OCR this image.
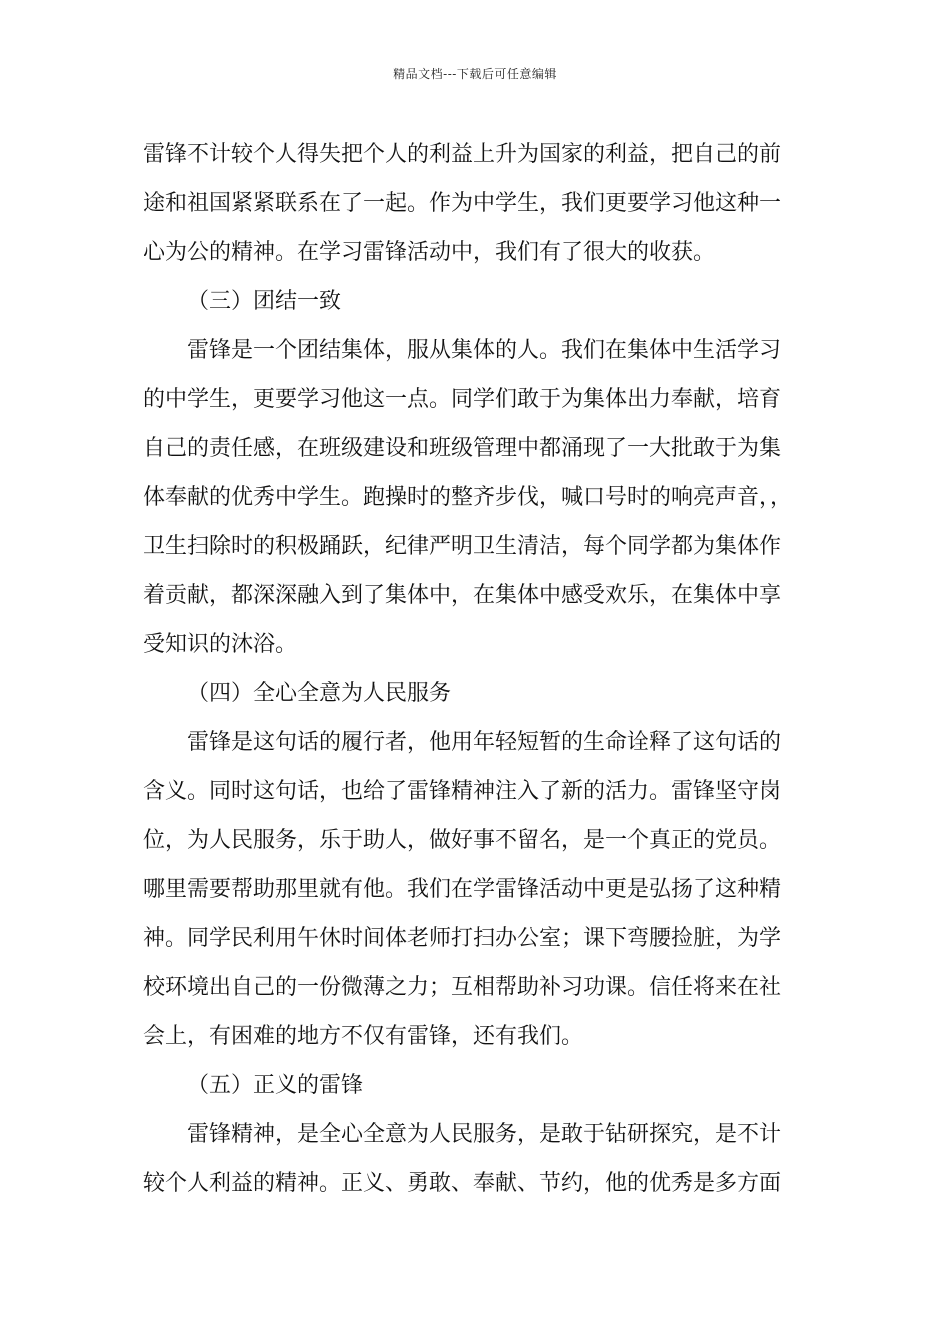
精品文档---下载后可任意编辑
雷锋不计较个人得失把个人的利益上升为国家的利益，把自己的前
途和祖国紧紧联系在了一起。作为中学生，我们更要学习他这种一
心为公的精神。在学习雷锋活动中，我们有了很大的收获。
（三）团结一致
雷锋是一个团结集体，服从集体的人。我们在集体中生活学习
的中学生，更要学习他这一点。同学们敢于为集体出力奉献，培育
自己的责任感，在班级建设和班级管理中都涌现了一大批敢于为集
体奉献的优秀中学生。跑操时的整齐步伐，喊口号时的响亮声音，，
卫生扫除时的积极踊跃，纪律严明卫生清洁，每个同学都为集体作
着贡献，都深深融入到了集体中，在集体中感受欢乐，在集体中享
受知识的沐浴。
（四）全心全意为人民服务
雷锋是这句话的履行者，他用年轻短暂的生命诠释了这句话的
含义。同时这句话，也给了雷锋精神注入了新的活力。雷锋坚守岗
位，为人民服务，乐于助人，做好事不留名，是一个真正的党员。
哪里需要帮助那里就有他。我们在学雷锋活动中更是弘扬了这种精
神。同学民利用午休时间体老师打扫办公室；课下弯腰捡脏，为学
校环境出自己的一份微薄之力；互相帮助补习功课。信任将来在社
会上，有困难的地方不仅有雷锋，还有我们。
（五）正义的雷锋
雷锋精神，是全心全意为人民服务，是敢于钻研探究，是不计
较个人利益的精神。正义、勇敢、奉献、节约，他的优秀是多方面
